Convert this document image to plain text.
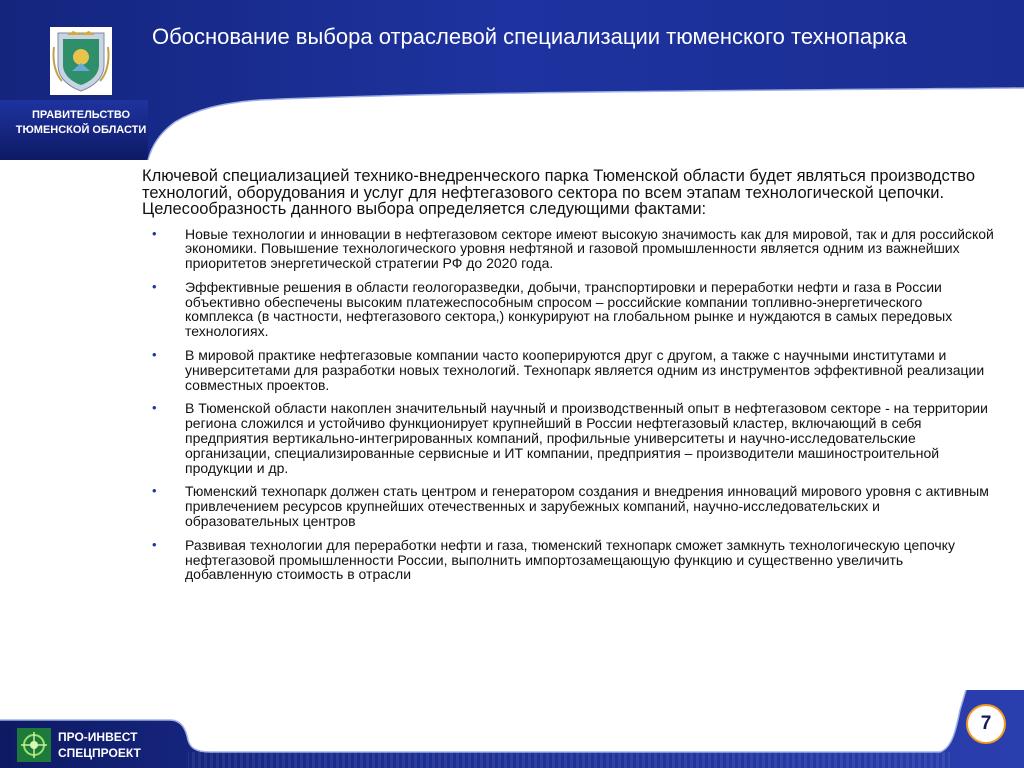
ПРАВИТЕЛЬСТВО ТЮМЕНСКОЙ ОБЛАСТИ
Обоснование выбора отраслевой специализации тюменского технопарка

Ключевой специализацией технико-внедренческого парка Тюменской области будет являться производство технологий, оборудования и услуг для нефтегазового сектора по всем этапам технологической цепочки. Целесообразность данного выбора определяется следующими фактами:

• Новые технологии и инновации в нефтегазовом секторе имеют высокую значимость как для мировой, так и для российской экономики. Повышение технологического уровня нефтяной и газовой промышленности является одним из важнейших приоритетов энергетической стратегии РФ до 2020 года.
• Эффективные решения в области геологоразведки, добычи, транспортировки и переработки нефти и газа в России объективно обеспечены высоким платежеспособным спросом – российские компании топливно-энергетического комплекса (в частности, нефтегазового сектора,) конкурируют на глобальном рынке и нуждаются в самых передовых технологиях.
• В мировой практике нефтегазовые компании часто кооперируются друг с другом, а также с научными институтами и университетами для разработки новых технологий. Технопарк является одним из инструментов эффективной реализации совместных проектов.
• В Тюменской области накоплен значительный научный и производственный опыт в нефтегазовом секторе - на территории региона сложился и устойчиво функционирует крупнейший в России нефтегазовый кластер, включающий в себя предприятия вертикально-интегрированных компаний, профильные университеты и научно-исследовательские организации, специализированные сервисные и ИТ компании, предприятия – производители машиностроительной продукции и др.
• Тюменский технопарк должен стать центром и генератором создания и внедрения инноваций мирового уровня с активным привлечением ресурсов крупнейших отечественных и зарубежных компаний, научно-исследовательских и образовательных центров
• Развивая технологии для переработки нефти и газа, тюменский технопарк сможет замкнуть технологическую цепочку нефтегазовой промышленности России, выполнить импортозамещающую функцию и существенно увеличить добавленную стоимость в отрасли
ПРО-ИНВЕСТ СПЕЦПРОЕКТ
7
